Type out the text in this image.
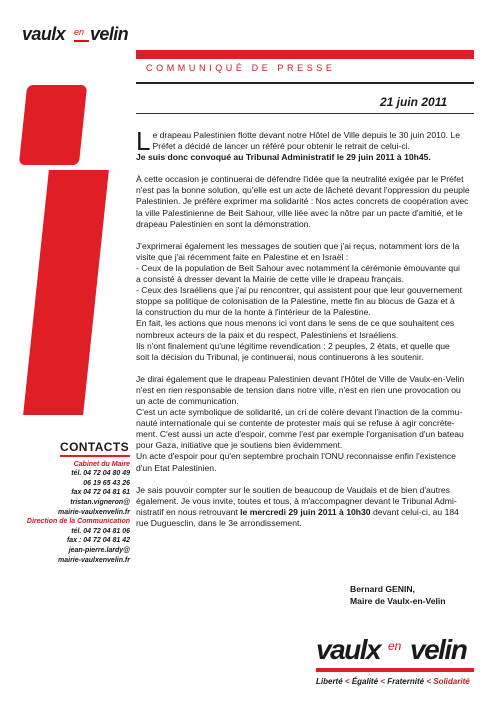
vaulx en velin
COMMUNIQUÉ DE PRESSE
21 juin 2011
L e drapeau Palestinien flotte devant notre Hôtel de Ville depuis le 30 juin 2010. Le
Préfet a décidé de lancer un référé pour obtenir le retrait de celui-ci.
Je suis donc convoqué au Tribunal Administratif le 29 juin 2011 à 10h45.
À cette occasion je continuerai de défendre l'idée que la neutralité exigée par le Préfet
n'est pas la bonne solution, qu'elle est un acte de lâcheté devant l'oppression du peuple
Palestinien. Je préfère exprimer ma solidarité : Nos actes concrets de coopération avec
la ville Palestinienne de Beit Sahour, ville liée avec la nôtre par un pacte d'amitié, et le
drapeau Palestinien en sont la démonstration.
J'exprimerai également les messages de soutien que j'ai reçus, notamment lors de la
visite que j'ai récemment faite en Palestine et en Israël :
- Ceux de la population de Beit Sahour avec notamment la cérémonie émouvante qui
a consisté à dresser devant la Mairie de cette ville le drapeau français.
- Ceux des Israéliens que j'ai pu rencontrer, qui assistent pour que leur gouvernement
stoppe sa politique de colonisation de la Palestine, mette fin au blocus de Gaza et à
la construction du mur de la honte à l'intérieur de la Palestine.
En fait, les actions que nous menons ici vont dans le sens de ce que souhaitent ces
nombreux acteurs de la paix et du respect, Palestiniens et Israéliens.
Ils n'ont finalement qu'une légitime revendication : 2 peuples, 2 états, et quelle que
soit la décision du Tribunal, je continuerai, nous continuerons à les soutenir.
Je dirai également que le drapeau Palestinien devant l'Hôtel de Ville de Vaulx-en-Velin
n'est en rien responsable de tension dans notre ville, n'est en rien une provocation ou
un acte de communication.
C'est un acte symbolique de solidarité, un cri de colère devant l'inaction de la commu-
nauté internationale qui se contente de protester mais qui se refuse à agir concrète-
ment. C'est aussi un acte d'espoir, comme l'est par exemple l'organisation d'un bateau
pour Gaza, initiative que je soutiens bien évidemment.
Un acte d'espoir pour qu'en septembre prochain l'ONU reconnaisse enfin l'existence
d'un Etat Palestinien.
Je sais pouvoir compter sur le soutien de beaucoup de Vaudais et de bien d'autres
également. Je vous invite, toutes et tous, à m'accompagner devant le Tribunal Admi-
nistratif en nous retrouvant le mercredi 29 juin 2011 à 10h30 devant celui-ci, au 184
rue Duguesclin, dans le 3e arrondissement.
CONTACTS
Cabinet du Maire
tél. 04 72 04 80 49
06 19 65 43 26
fax 04 72 04 81 61
tristan.vigneron@
mairie-vaulxenvelin.fr
Direction de la Communication
tél. 04 72 04 81 06
fax : 04 72 04 81 42
jean-pierre.lardy@
mairie-vaulxenvelin.fr
Bernard GENIN,
Maire de Vaulx-en-Velin
vaulx en velin
Liberté < Égalité < Fraternité < Solidarité
